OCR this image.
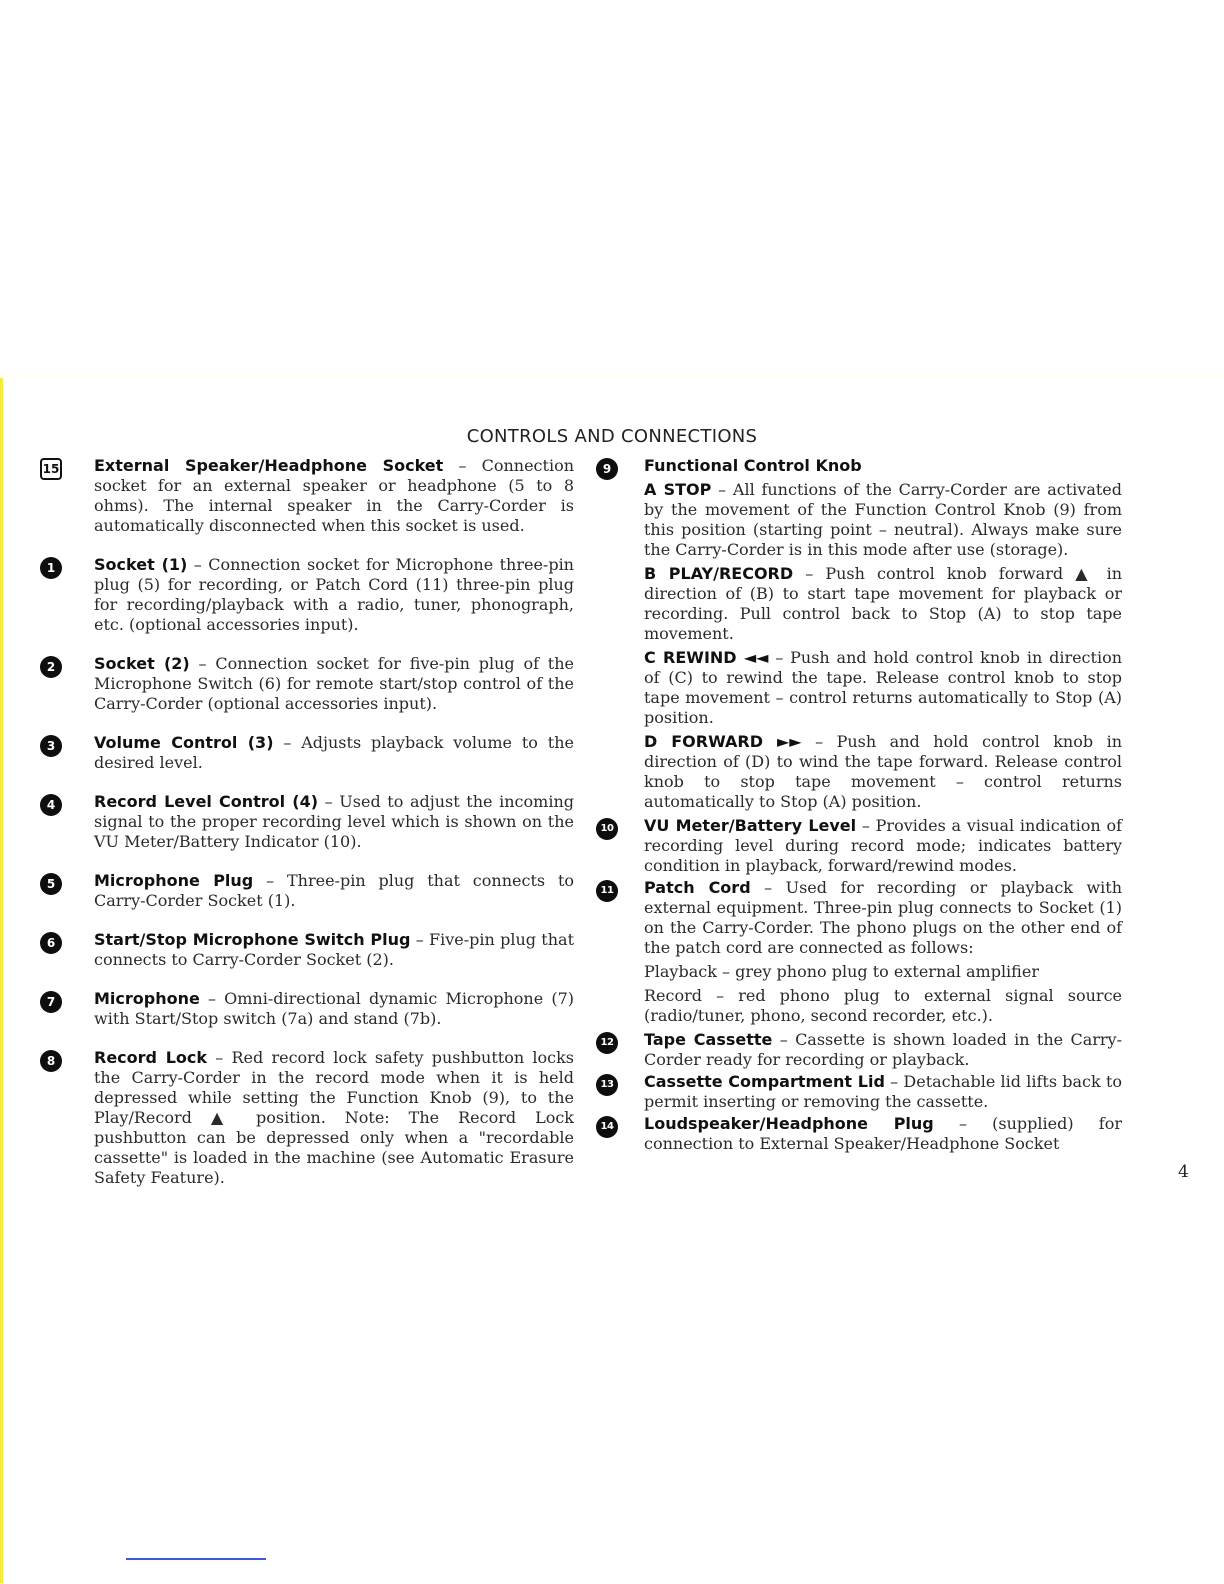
CONTROLS AND CONNECTIONS
15 External Speaker/Headphone Socket – Connection socket for an external speaker or headphone (5 to 8 ohms). The internal speaker in the Carry-Corder is automatically disconnected when this socket is used.
1	Socket (1) – Connection socket for Microphone three-pin plug (5) for recording, or Patch Cord (11) three-pin plug for recording/playback with a radio, tuner, phonograph, etc. (optional accessories input).
2	Socket (2) – Connection socket for five-pin plug of the Microphone Switch (6) for remote start/stop control of the Carry-Corder (optional accessories input).
3	Volume Control (3) – Adjusts playback volume to the desired level.
4	Record Level Control (4) – Used to adjust the incoming signal to the proper recording level which is shown on the VU Meter/Battery Indicator (10).
5	Microphone Plug – Three-pin plug that connects to Carry-Corder Socket (1).
6	Start/Stop Microphone Switch Plug – Five-pin plug that connects to Carry-Corder Socket (2).
7	Microphone – Omni-directional dynamic Microphone (7) with Start/Stop switch (7a) and stand (7b).
8	Record Lock – Red record lock safety pushbutton locks the Carry-Corder in the record mode when it is held depressed while setting the Function Knob (9), to the Play/Record ▲ position. Note: The Record Lock pushbutton can be depressed only when a "recordable cassette" is loaded in the machine (see Automatic Erasure Safety Feature).
9	Functional Control Knob
A STOP – All functions of the Carry-Corder are activated by the movement of the Function Control Knob (9) from this position (starting point – neutral). Always make sure the Carry-Corder is in this mode after use (storage).
B PLAY/RECORD – Push control knob forward ▲ in direction of (B) to start tape movement for playback or recording. Pull control back to Stop (A) to stop tape movement.
C REWIND ◄◄ – Push and hold control knob in direction of (C) to rewind the tape. Release control knob to stop tape movement – control returns automatically to Stop (A) position.
D FORWARD ►► – Push and hold control knob in direction of (D) to wind the tape forward. Release control knob to stop tape movement – control returns automatically to Stop (A) position.
10 VU Meter/Battery Level – Provides a visual indication of recording level during record mode; indicates battery condition in playback, forward/rewind modes.
11 Patch Cord – Used for recording or playback with external equipment. Three-pin plug connects to Socket (1) on the Carry-Corder. The phono plugs on the other end of the patch cord are connected as follows:
Playback – grey phono plug to external amplifier
Record – red phono plug to external signal source (radio/tuner, phono, second recorder, etc.).
12 Tape Cassette – Cassette is shown loaded in the Carry-Corder ready for recording or playback.
13 Cassette Compartment Lid – Detachable lid lifts back to permit inserting or removing the cassette.
14 Loudspeaker/Headphone Plug – (supplied) for connection to External Speaker/Headphone Socket
4
